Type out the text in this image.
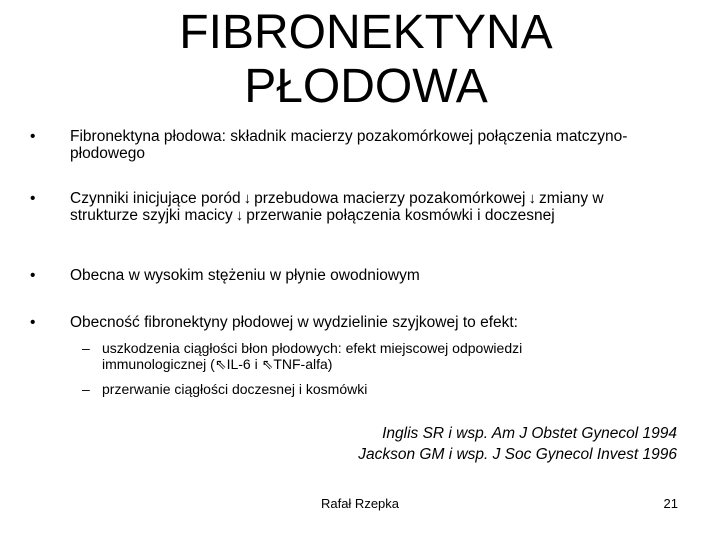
FIBRONEKTYNA
PŁODOWA
• Fibronektyna płodowa: składnik macierzy pozakomórkowej połączenia matczyno-płodowego
• Czynniki inicjujące poród ↓ przebudowa macierzy pozakomórkowej ↓ zmiany w strukturze szyjki macicy ↓ przerwanie połączenia kosmówki i doczesnej
• Obecna w wysokim stężeniu w płynie owodniowym
• Obecność fibronektyny płodowej w wydzielinie szyjkowej to efekt:
– uszkodzenia ciągłości błon płodowych: efekt miejscowej odpowiedzi immunologicznej (⇖IL-6 i ⇖TNF-alfa)
– przerwanie ciągłości doczesnej i kosmówki
Inglis SR i wsp. Am J Obstet Gynecol 1994
Jackson GM i wsp. J Soc Gynecol Invest 1996
Rafał Rzepka	21
